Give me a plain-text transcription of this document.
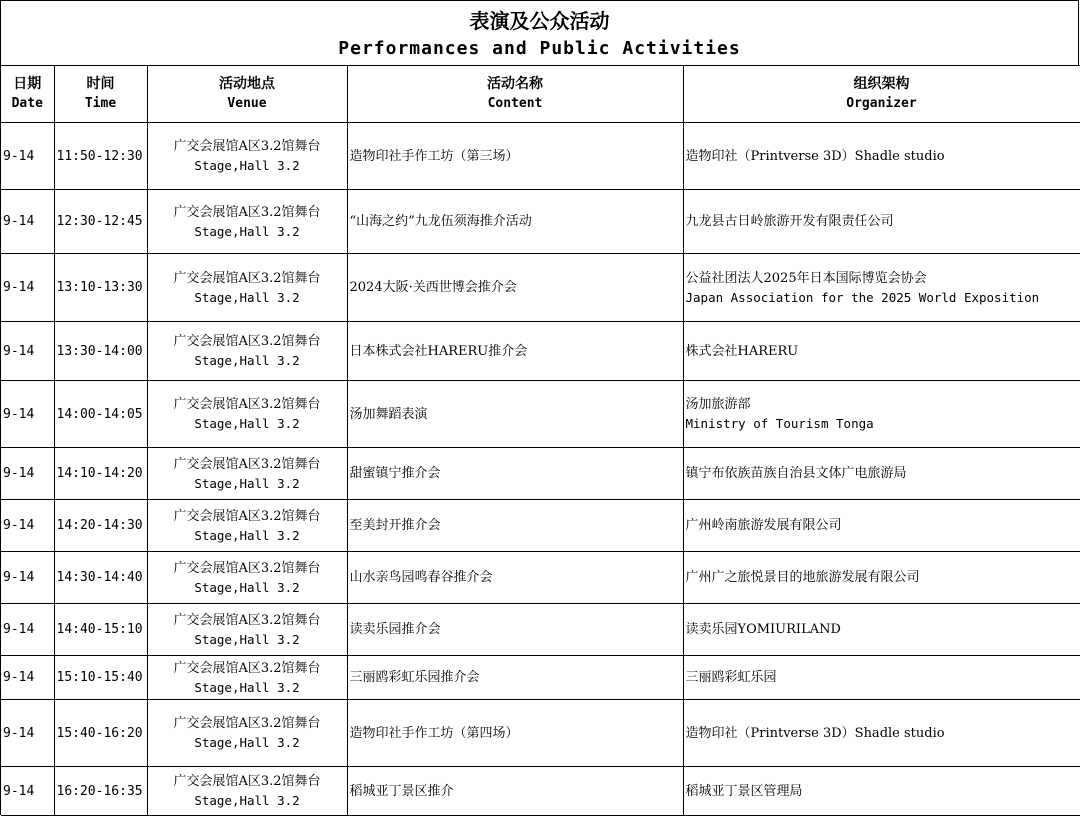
表演及公众活动
Performances and Public Activities
日期
Date	时间
Time	活动地点
Venue	活动名称
Content	组织架构
Organizer

9-14	11:50-12:30	广交会展馆A区3.2馆舞台
Stage,Hall 3.2	造物印社手作工坊（第三场）	造物印社（Printverse 3D）Shadle studio

9-14	12:30-12:45	广交会展馆A区3.2馆舞台
Stage,Hall 3.2	“山海之约”九龙伍须海推介活动	九龙县古日岭旅游开发有限责任公司

9-14	13:10-13:30	广交会展馆A区3.2馆舞台
Stage,Hall 3.2	2024大阪·关西世博会推介会	公益社团法人2025年日本国际博览会协会
Japan Association for the 2025 World Exposition

9-14	13:30-14:00	广交会展馆A区3.2馆舞台
Stage,Hall 3.2	日本株式会社HARERU推介会	株式会社HARERU

9-14	14:00-14:05	广交会展馆A区3.2馆舞台
Stage,Hall 3.2	汤加舞蹈表演	汤加旅游部
Ministry of Tourism Tonga

9-14	14:10-14:20	广交会展馆A区3.2馆舞台
Stage,Hall 3.2	甜蜜镇宁推介会	镇宁布依族苗族自治县文体广电旅游局

9-14	14:20-14:30	广交会展馆A区3.2馆舞台
Stage,Hall 3.2	至美封开推介会	广州岭南旅游发展有限公司

9-14	14:30-14:40	广交会展馆A区3.2馆舞台
Stage,Hall 3.2	山水亲鸟园鸣春谷推介会	广州广之旅悦景目的地旅游发展有限公司

9-14	14:40-15:10	广交会展馆A区3.2馆舞台
Stage,Hall 3.2	读卖乐园推介会	读卖乐园YOMIURILAND

9-14	15:10-15:40	广交会展馆A区3.2馆舞台
Stage,Hall 3.2	三丽鸥彩虹乐园推介会	三丽鸥彩虹乐园

9-14	15:40-16:20	广交会展馆A区3.2馆舞台
Stage,Hall 3.2	造物印社手作工坊（第四场）	造物印社（Printverse 3D）Shadle studio

9-14	16:20-16:35	广交会展馆A区3.2馆舞台
Stage,Hall 3.2	稻城亚丁景区推介	稻城亚丁景区管理局
